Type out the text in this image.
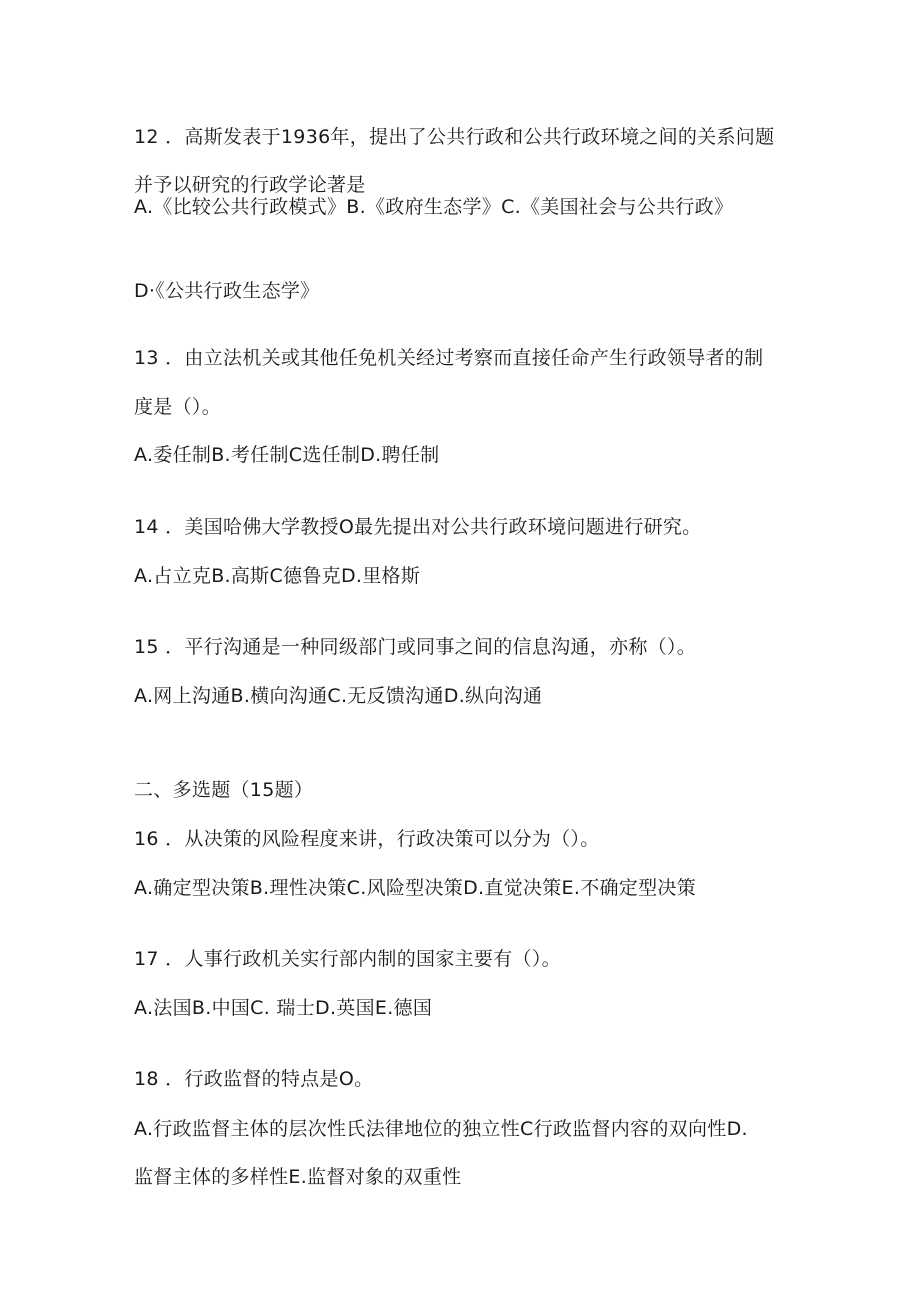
12 ．高斯发表于1936年，提出了公共行政和公共行政环境之间的关系问题
并予以研究的行政学论著是
A.《比较公共行政模式》B.《政府生态学》C.《美国社会与公共行政》
D·《公共行政生态学》
13 ．由立法机关或其他任免机关经过考察而直接任命产生行政领导者的制
度是（）。
A.委任制B.考任制C选任制D.聘任制
14 ．美国哈佛大学教授O最先提出对公共行政环境问题进行研究。
A.占立克B.高斯C德鲁克D.里格斯
15 ．平行沟通是一种同级部门或同事之间的信息沟通，亦称（）。
A.网上沟通B.横向沟通C.无反馈沟通D.纵向沟通
二、多选题（15题）
16 ．从决策的风险程度来讲，行政决策可以分为（）。
A.确定型决策B.理性决策C.风险型决策D.直觉决策E.不确定型决策
17 ．人事行政机关实行部内制的国家主要有（）。
A.法国B.中国C. 瑞士D.英国E.德国
18 ．行政监督的特点是O。
A.行政监督主体的层次性氏法律地位的独立性C行政监督内容的双向性D.
监督主体的多样性E.监督对象的双重性
